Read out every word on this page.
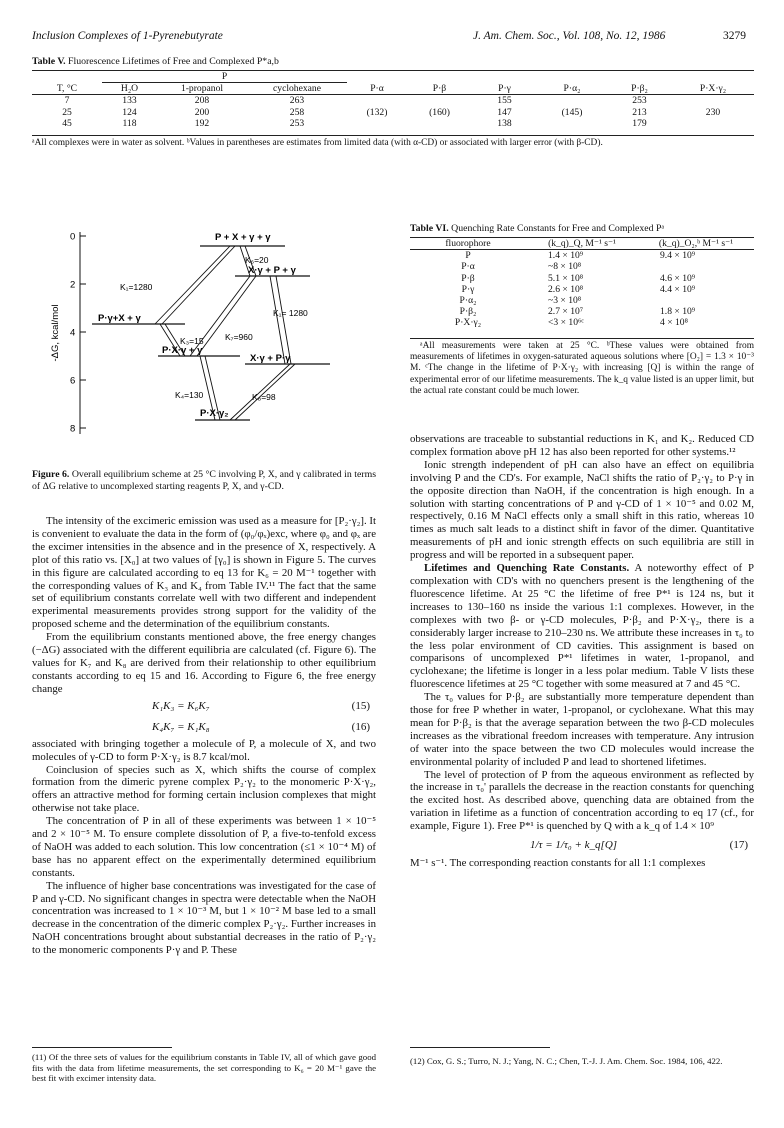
Inclusion Complexes of 1-Pyrenebutyrate	J. Am. Chem. Soc., Vol. 108, No. 12, 1986	3279
Table V. Fluorescence Lifetimes of Free and Complexed P*a,b
	P								
T, °C	H₂O	1-propanol	cyclohexane	P·α	P·β	P·γ	P·α₂	P·β₂	P·X·γ₂
7	133	208	263			155		253	
25	124	200	258	(132)	(160)	147	(145)	213	230
45	118	192	253			138		179	
ᵃAll complexes were in water as solvent. ᵇValues in parentheses are estimates from limited data (with α-CD) or associated with larger error (with β-CD).
-ΔG, kcal/mol
0
2
4
6
8
P + X + γ + γ
X·γ + P + γ
P·γ+X + γ
P·X·γ + γ
X·γ + P·γ
P·X·γ₂
K₆=20
K₁=1280
K₁= 1280
K₇=960
K₃=15
K₄=130	K₈=98
Figure 6. Overall equilibrium scheme at 25 °C involving P, X, and γ calibrated in terms of ΔG relative to uncomplexed starting reagents P, X, and γ-CD.
Table VI. Quenching Rate Constants for Free and Complexed Pᵃ
fluorophore	(k_q)_Q, M⁻¹ s⁻¹	(k_q)_O₂,ᵇ M⁻¹ s⁻¹
P	1.4 × 10⁹	9.4 × 10⁹
P·α	~8 × 10⁸	
P·β	5.1 × 10⁸	4.6 × 10⁹
P·γ	2.6 × 10⁸	4.4 × 10⁹
P·α₂	~3 × 10⁸	
P·β₂	2.7 × 10⁷	1.8 × 10⁹
P·X·γ₂	<3 × 10⁶ᶜ	4 × 10⁸
ᵃAll measurements were taken at 25 °C. ᵇThese values were obtained from measurements of lifetimes in oxygen-saturated aqueous solutions where [O₂] = 1.3 × 10⁻³ M. ᶜThe change in the lifetime of P·X·γ₂ with increasing [Q] is within the range of experimental error of our lifetime measurements. The k_q value listed is an upper limit, but the actual rate constant could be much lower.

The intensity of the excimeric emission was used as a measure for [P₂·γ₂]. It is convenient to evaluate the data in the form of (φ₀/φₓ)exc, where φ₀ and φₓ are the excimer intensities in the absence and in the presence of X, respectively. A plot of this ratio vs. [X₀] at two values of [γ₀] is shown in Figure 5. The curves in this figure are calculated according to eq 13 for K₆ = 20 M⁻¹ together with the corresponding values of K₃ and K₄ from Table IV.¹¹ The fact that the same set of equilibrium constants correlate well with two different and independent experimental measurements provides strong support for the validity of the proposed scheme and the determination of the equilibrium constants.

From the equilibrium constants mentioned above, the free energy changes (−ΔG) associated with the different equilibria are calculated (cf. Figure 6). The values for K₇ and K₈ are derived from their relationship to other equilibrium constants according to eq 15 and 16. According to Figure 6, the free energy change

K₁K₃ = K₆K₇	(15)
K₄K₇ = K₁K₈	(16)

associated with bringing together a molecule of P, a molecule of X, and two molecules of γ-CD to form P·X·γ₂ is 8.7 kcal/mol.

Coinclusion of species such as X, which shifts the course of complex formation from the dimeric pyrene complex P₂·γ₂ to the monomeric P·X·γ₂, offers an attractive method for forming certain inclusion complexes that might otherwise not take place.

The concentration of P in all of these experiments was between 1 × 10⁻⁵ and 2 × 10⁻⁵ M. To ensure complete dissolution of P, a five-to-tenfold excess of NaOH was added to each solution. This low concentration (≤1 × 10⁻⁴ M) of base has no apparent effect on the experimentally determined equilibrium constants.

The influence of higher base concentrations was investigated for the case of P and γ-CD. No significant changes in spectra were detectable when the NaOH concentration was increased to 1 × 10⁻³ M, but 1 × 10⁻² M base led to a small decrease in the concentration of the dimeric complex P₂·γ₂. Further increases in NaOH concentrations brought about substantial decreases in the ratio of P₂·γ₂ to the monomeric components P·γ and P. These

(11) Of the three sets of values for the equilibrium constants in Table IV, all of which gave good fits with the data from lifetime measurements, the set corresponding to K₆ = 20 M⁻¹ gave the best fit with excimer intensity data.

observations are traceable to substantial reductions in K₁ and K₂. Reduced CD complex formation above pH 12 has also been reported for other systems.¹²

Ionic strength independent of pH can also have an effect on equilibria involving P and the CD's. For example, NaCl shifts the ratio of P₂·γ₂ to P·γ in the opposite direction than NaOH, if the concentration is high enough. In a solution with starting concentrations of P and γ-CD of 1 × 10⁻⁵ and 0.02 M, respectively, 0.16 M NaCl effects only a small shift in this ratio, whereas 10 times as much salt leads to a distinct shift in favor of the dimer. Quantitative measurements of pH and ionic strength effects on such equilibria are still in progress and will be reported in a subsequent paper.

Lifetimes and Quenching Rate Constants. A noteworthy effect of P complexation with CD's with no quenchers present is the lengthening of the fluorescence lifetime. At 25 °C the lifetime of free P*¹ is 124 ns, but it increases to 130–160 ns inside the various 1:1 complexes. However, in the complexes with two β- or γ-CD molecules, P·β₂ and P·X·γ₂, there is a considerably larger increase to 210–230 ns. We attribute these increases in τ₀ to the less polar environment of CD cavities. This assignment is based on comparisons of uncomplexed P*¹ lifetimes in water, 1-propanol, and cyclohexane; the lifetime is longer in a less polar medium. Table V lists these fluorescence lifetimes at 25 °C together with some measured at 7 and 45 °C.

The τ₀ values for P·β₂ are substantially more temperature dependent than those for free P whether in water, 1-propanol, or cyclohexane. What this may mean for P·β₂ is that the average separation between the two β-CD molecules increases as the vibrational freedom increases with temperature. Any intrusion of water into the space between the two CD molecules would increase the environmental polarity of included P and lead to shortened lifetimes.

The level of protection of P from the aqueous environment as reflected by the increase in τ₀' parallels the decrease in the reaction constants for quenching the excited host. As described above, quenching data are obtained from the variation in lifetime as a function of concentration according to eq 17 (cf., for example, Figure 1). Free P*¹ is quenched by Q with a k_q of 1.4 × 10⁹

1/τ = 1/τ₀ + k_q[Q]	(17)

M⁻¹ s⁻¹. The corresponding reaction constants for all 1:1 complexes

(12) Cox, G. S.; Turro, N. J.; Yang, N. C.; Chen, T.-J. J. Am. Chem. Soc. 1984, 106, 422.
